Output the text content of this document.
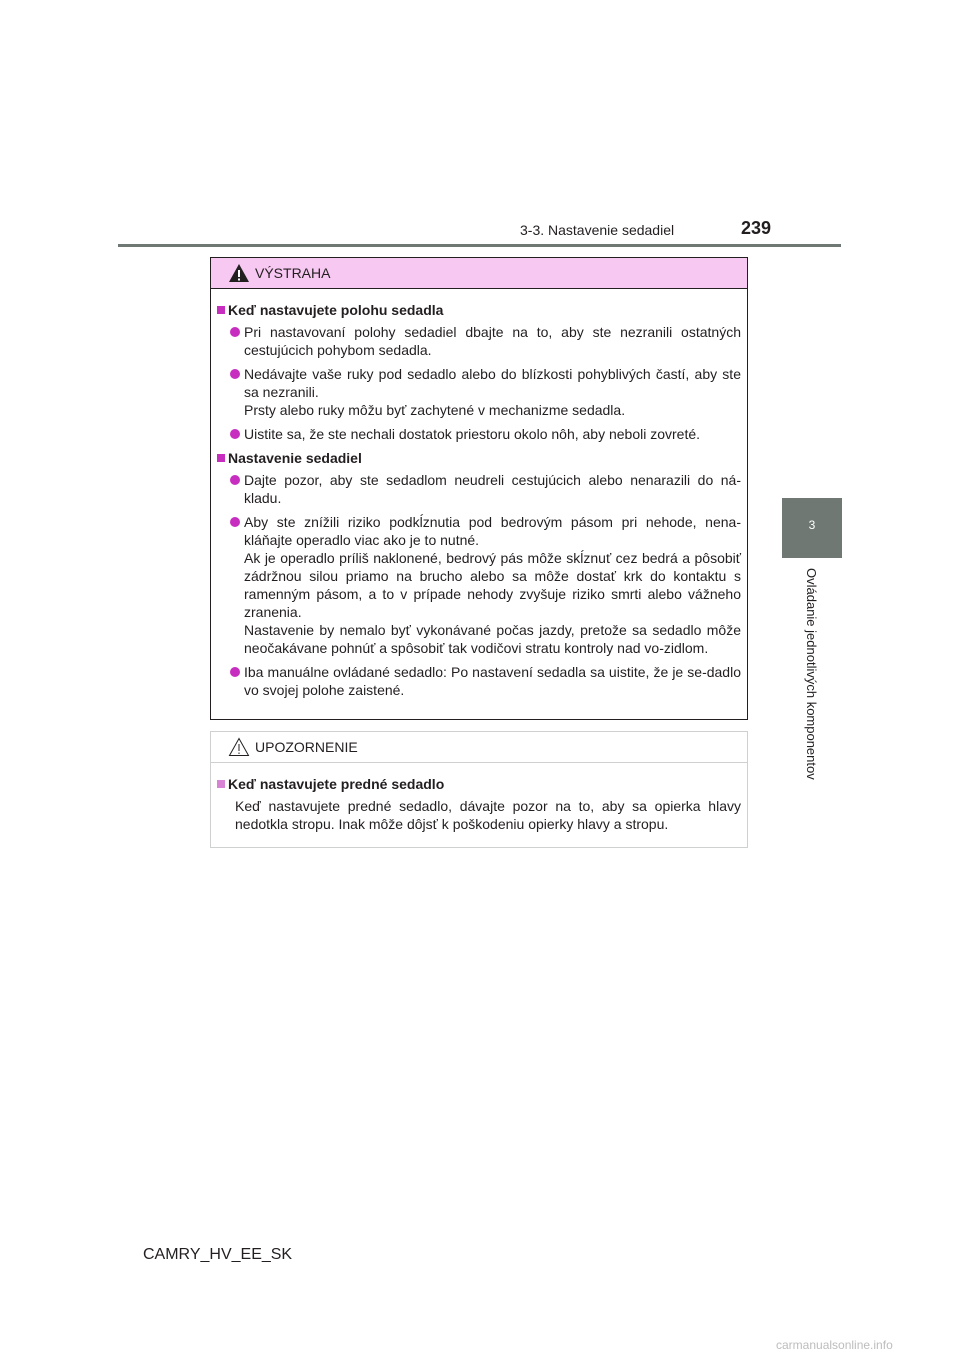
3-3. Nastavenie sedadiel	239
3
Ovládanie jednotlivých komponentov
VÝSTRAHA
Keď nastavujete polohu sedadla
Pri nastavovaní polohy sedadiel dbajte na to, aby ste nezranili ostatných cestujúcich pohybom sedadla.
Nedávajte vaše ruky pod sedadlo alebo do blízkosti pohyblivých častí, aby ste sa nezranili.
Prsty alebo ruky môžu byť zachytené v mechanizme sedadla.
Uistite sa, že ste nechali dostatok priestoru okolo nôh, aby neboli zovreté.
Nastavenie sedadiel
Dajte pozor, aby ste sedadlom neudreli cestujúcich alebo nenarazili do ná-kladu.
Aby ste znížili riziko podkĺznutia pod bedrovým pásom pri nehode, nena-kláňajte operadlo viac ako je to nutné.
Ak je operadlo príliš naklonené, bedrový pás môže skĺznuť cez bedrá a pôsobiť zádržnou silou priamo na brucho alebo sa môže dostať krk do kontaktu s ramenným pásom, a to v prípade nehody zvyšuje riziko smrti alebo vážneho zranenia.
Nastavenie by nemalo byť vykonávané počas jazdy, pretože sa sedadlo môže neočakávane pohnúť a spôsobiť tak vodičovi stratu kontroly nad vo-zidlom.
Iba manuálne ovládané sedadlo: Po nastavení sedadla sa uistite, že je se-dadlo vo svojej polohe zaistené.
UPOZORNENIE
Keď nastavujete predné sedadlo
Keď nastavujete predné sedadlo, dávajte pozor na to, aby sa opierka hlavy nedotkla stropu. Inak môže dôjsť k poškodeniu opierky hlavy a stropu.
CAMRY_HV_EE_SK
carmanualsonline.info
